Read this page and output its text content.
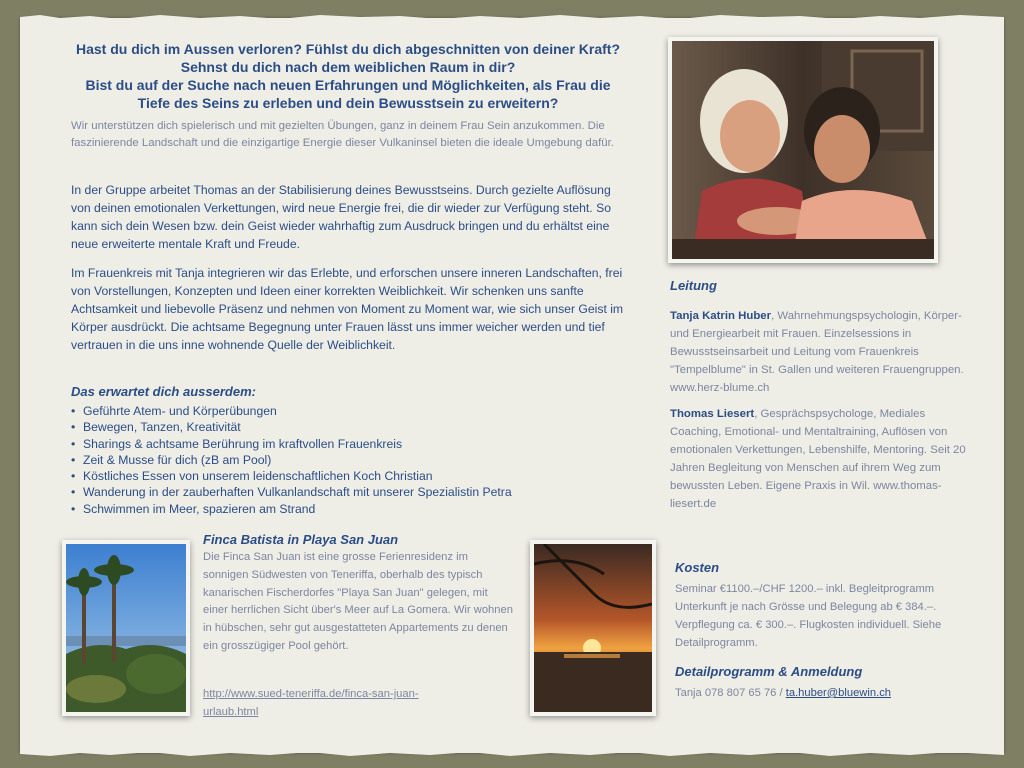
Hast du dich im Aussen verloren? Fühlst du dich abgeschnitten von deiner Kraft?
Sehnst du dich nach dem weiblichen Raum in dir?
Bist du auf der Suche nach neuen Erfahrungen und Möglichkeiten, als Frau die
Tiefe des Seins zu erleben und dein Bewusstsein zu erweitern?
Wir unterstützen dich spielerisch und mit gezielten Übungen, ganz in deinem Frau Sein anzukommen. Die faszinierende Landschaft und die einzigartige Energie dieser Vulkaninsel bieten die ideale Umgebung dafür.
In der Gruppe arbeitet Thomas an der Stabilisierung deines Bewusstseins. Durch gezielte Auflösung von deinen emotionalen Verkettungen, wird neue Energie frei, die dir wieder zur Verfügung steht. So kann sich dein Wesen bzw. dein Geist wieder wahrhaftig zum Ausdruck bringen und du erhältst eine neue erweiterte mentale Kraft und Freude.
Im Frauenkreis mit Tanja integrieren wir das Erlebte, und erforschen unsere inneren Landschaften, frei von Vorstellungen, Konzepten und Ideen einer korrekten Weiblichkeit. Wir schenken uns sanfte Achtsamkeit und liebevolle Präsenz und nehmen von Moment zu Moment war, wie sich unser Geist im Körper ausdrückt. Die achtsame Begegnung unter Frauen lässt uns immer weicher werden und tief vertrauen in die uns inne wohnende Quelle der Weiblichkeit.
Das erwartet dich ausserdem:
• Geführte Atem- und Körperübungen
• Bewegen, Tanzen, Kreativität
• Sharings & achtsame Berührung im kraftvollen Frauenkreis
• Zeit & Musse für dich (zB am Pool)
• Köstliches Essen von unserem leidenschaftlichen Koch Christian
• Wanderung in der zauberhaften Vulkanlandschaft mit unserer Spezialistin Petra
• Schwimmen im Meer, spazieren am Strand
Leitung
Tanja Katrin Huber, Wahrnehmungspsychologin, Körper- und Energiearbeit mit Frauen. Einzelsessions in Bewusstseinsarbeit und Leitung vom Frauenkreis "Tempelblume" in St. Gallen und weiteren Frauengruppen. www.herz-blume.ch
Thomas Liesert, Gesprächspsychologe, Mediales Coaching, Emotional- und Mentaltraining, Auflösen von emotionalen Verkettungen, Lebenshilfe, Mentoring. Seit 20 Jahren Begleitung von Menschen auf ihrem Weg zum bewussten Leben. Eigene Praxis in Wil. www.thomas-liesert.de
Finca Batista in Playa San Juan
Die Finca San Juan ist eine grosse Ferienresidenz im sonnigen Südwesten von Teneriffa, oberhalb des typisch kanarischen Fischerdorfes "Playa San Juan" gelegen, mit einer herrlichen Sicht über's Meer auf La Gomera. Wir wohnen in hübschen, sehr gut ausgestatteten Appartements zu denen ein grosszügiger Pool gehört.
http://www.sued-teneriffa.de/finca-san-juan-urlaub.html
Kosten
Seminar €1100.–/CHF 1200.– inkl. Begleitprogramm Unterkunft je nach Grösse und Belegung ab € 384.–. Verpflegung ca. € 300.–. Flugkosten individuell. Siehe Detailprogramm.
Detailprogramm & Anmeldung
Tanja 078 807 65 76 / ta.huber@bluewin.ch
